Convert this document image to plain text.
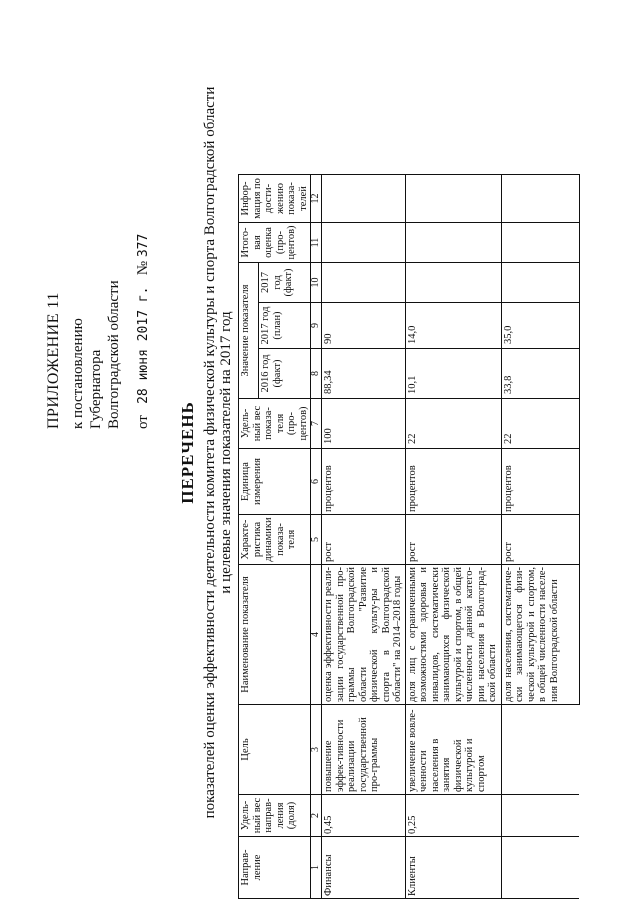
ПРИЛОЖЕНИЕ 11 к постановлению Губернатора Волгоградской области от   28 июня 2017 г.   № 377
ПЕРЕЧЕНЬ показателей оценки эффективности деятельности комитета физической культуры и спорта Волгоградской области и целевые значения показателей на 2017 год
Направ-ление	Удель-ный вес направ-ления (доля)	Цель	Наименование показателя	Характе-ристика динамики показа-теля	Единица измерения	Удель-ный вес показа-теля (про-центов)	Значение показателя			Итого-вая оценка (про-центов)	Инфор-мация по дости-жению показа-телей
							2016 год (факт)	2017 год (план)	2017 год (факт)		
1	2	3	4	5	6	7	8	9	10	11	12
Финансы	0,45	повышение эффек-тивности реализации государственной про-граммы	оценка эффективности реали-зации государственной про-граммы Волгоградской области "Развитие физической культу-ры и спорта в Волгоградской области" на 2014–2018 годы	рост	процентов	100	88,34	90			
Клиенты	0,25	увеличение вовле-ченности населения в занятия физической культурой и спортом	доля лиц с ограниченными возможностями здоровья и инвалидов, систематически занимающихся физической культурой и спортом, в общей численности данной катего-рии населения в Волгоград-ской области	рост	процентов	22	10,1	14,0			
			доля населения, систематиче-ски занимающегося физи-ческой культурой и спортом, в общей численности населе-ния Волгоградской области	рост	процентов	22	33,8	35,0			
